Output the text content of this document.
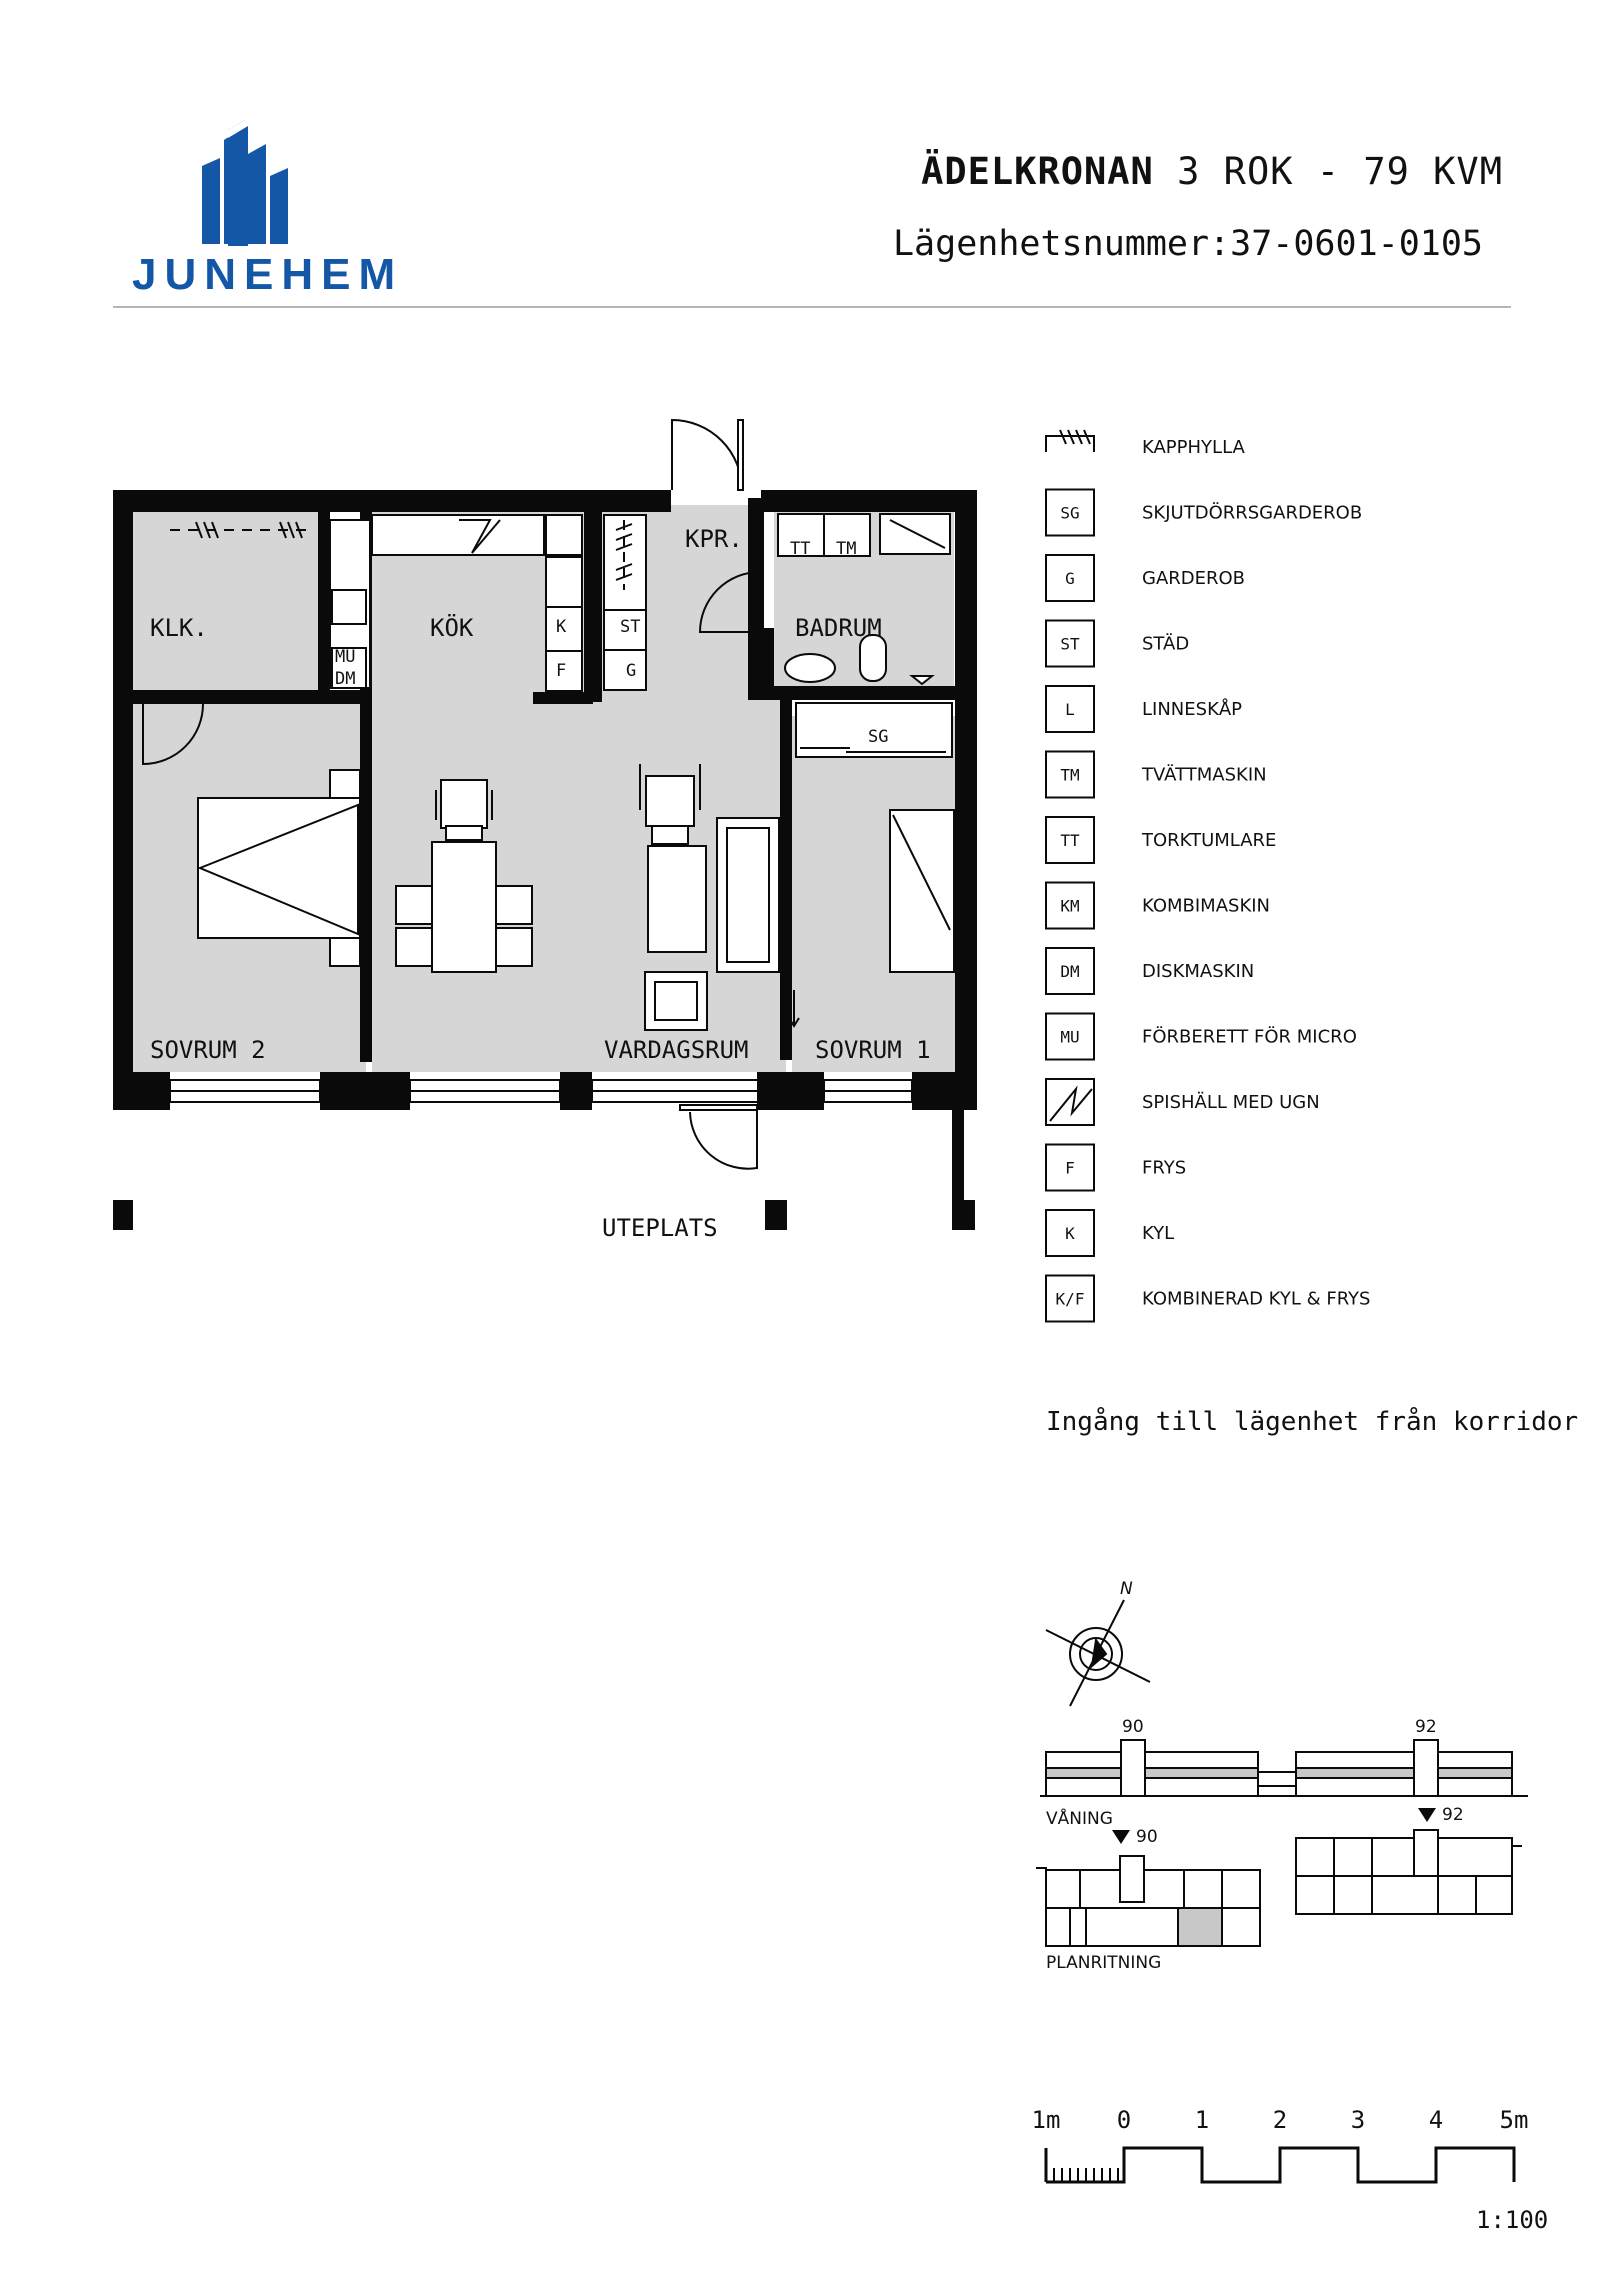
JUNEHEM
ÄDELKRONAN 3 ROK - 79 KVM
Lägenhetsnummer:37-0601-0105
KLK.	KÖK
KPR.
BADRUM
SOVRUM 2	VARDAGSRUM	SOVRUM 1
UTEPLATS
TT TM
K
F
ST
G
MU
DM
SG
KAPPHYLLA
SG	SKJUTDÖRRSGARDEROB
G	GARDEROB
ST	STÄD
L	LINNESKÅP
TM	TVÄTTMASKIN
TT	TORKTUMLARE
KM	KOMBIMASKIN
DM	DISKMASKIN
MU	FÖRBERETT FÖR MICRO
SPISHÄLL MED UGN
F	FRYS
K	KYL
K/F	KOMBINERAD KYL & FRYS
Ingång till lägenhet från korridor
N
90	92
VÅNING
90
92
PLANRITNING
1m 0	1	2	3	4 5m
1:100
